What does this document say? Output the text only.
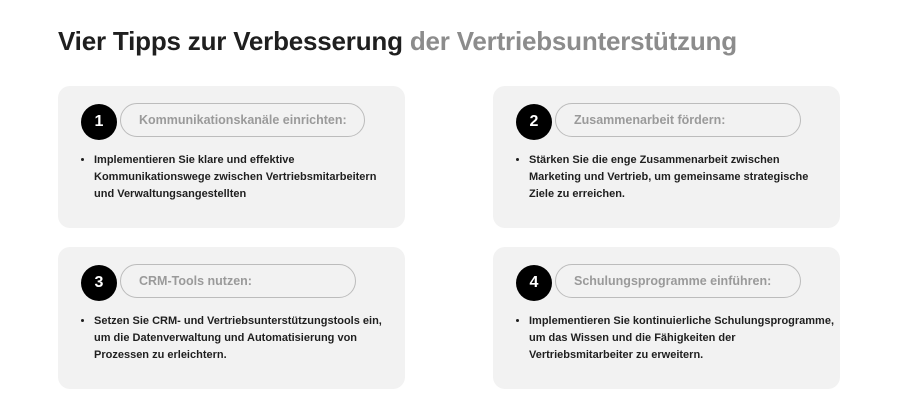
Vier Tipps zur Verbesserung der Vertriebsunterstützung
1	Kommunikationskanäle einrichten:
• Implementieren Sie klare und effektive Kommunikationswege zwischen Vertriebsmitarbeitern und Verwaltungsangestellten
2	Zusammenarbeit fördern:
• Stärken Sie die enge Zusammenarbeit zwischen Marketing und Vertrieb, um gemeinsame strategische Ziele zu erreichen.
3	CRM-Tools nutzen:
• Setzen Sie CRM- und Vertriebsunterstützungstools ein, um die Datenverwaltung und Automatisierung von Prozessen zu erleichtern.
4	Schulungsprogramme einführen:
• Implementieren Sie kontinuierliche Schulungsprogramme, um das Wissen und die Fähigkeiten der Vertriebsmitarbeiter zu erweitern.
